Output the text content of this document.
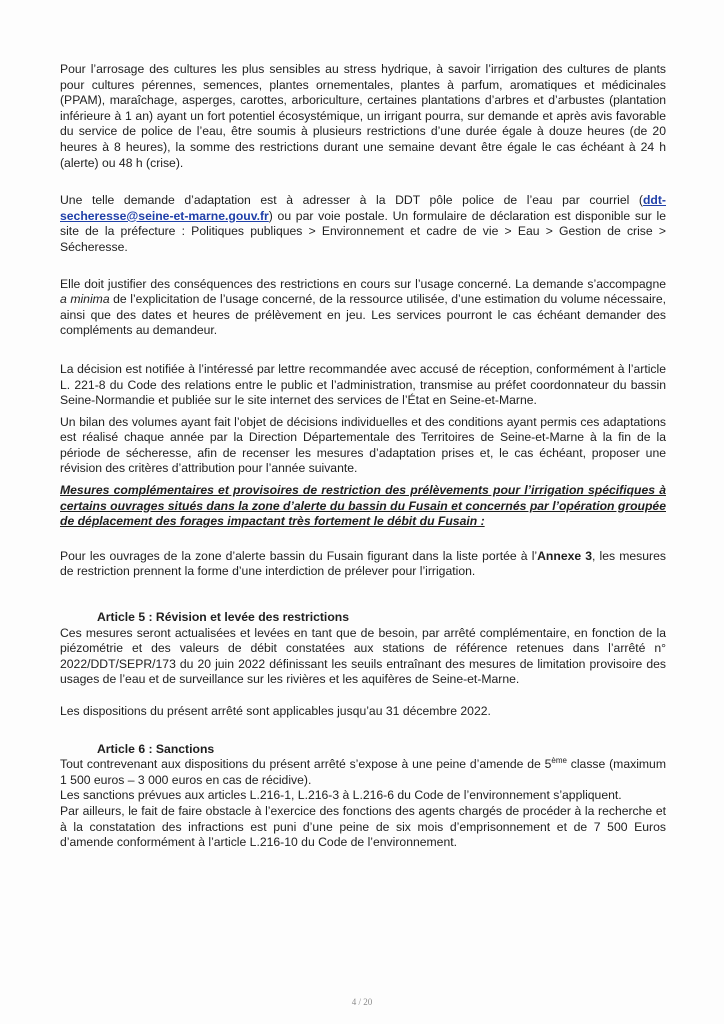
Pour l’arrosage des cultures les plus sensibles au stress hydrique, à savoir l’irrigation des cultures de plants pour cultures pérennes, semences, plantes ornementales, plantes à parfum, aromatiques et médicinales (PPAM), maraîchage, asperges, carottes, arboriculture, certaines plantations d’arbres et d’arbustes (plantation inférieure à 1 an) ayant un fort potentiel écosystémique, un irrigant pourra, sur demande et après avis favorable du service de police de l’eau, être soumis à plusieurs restrictions d’une durée égale à douze heures (de 20 heures à 8 heures), la somme des restrictions durant une semaine devant être égale le cas échéant à 24 h (alerte) ou 48 h (crise).

Une telle demande d’adaptation est à adresser à la DDT pôle police de l’eau par courriel (ddt-secheresse@seine-et-marne.gouv.fr) ou par voie postale. Un formulaire de déclaration est disponible sur le site de la préfecture : Politiques publiques > Environnement et cadre de vie > Eau > Gestion de crise > Sécheresse.

Elle doit justifier des conséquences des restrictions en cours sur l’usage concerné. La demande s’accompagne a minima de l’explicitation de l’usage concerné, de la ressource utilisée, d’une estimation du volume nécessaire, ainsi que des dates et heures de prélèvement en jeu. Les services pourront le cas échéant demander des compléments au demandeur.

La décision est notifiée à l’intéressé par lettre recommandée avec accusé de réception, conformément à l’article L. 221-8 du Code des relations entre le public et l’administration, transmise au préfet coordonnateur du bassin Seine-Normandie et publiée sur le site internet des services de l’État en Seine-et-Marne.

Un bilan des volumes ayant fait l’objet de décisions individuelles et des conditions ayant permis ces adaptations est réalisé chaque année par la Direction Départementale des Territoires de Seine-et-Marne à la fin de la période de sécheresse, afin de recenser les mesures d’adaptation prises et, le cas échéant, proposer une révision des critères d’attribution pour l’année suivante.

Mesures complémentaires et provisoires de restriction des prélèvements pour l’irrigation spécifiques à certains ouvrages situés dans la zone d’alerte du bassin du Fusain et concernés par l’opération groupée de déplacement des forages impactant très fortement le débit du Fusain :

Pour les ouvrages de la zone d’alerte bassin du Fusain figurant dans la liste portée à l’Annexe 3, les mesures de restriction prennent la forme d’une interdiction de prélever pour l’irrigation.

Article 5 : Révision et levée des restrictions

Ces mesures seront actualisées et levées en tant que de besoin, par arrêté complémentaire, en fonction de la piézométrie et des valeurs de débit constatées aux stations de référence retenues dans l’arrêté n° 2022/DDT/SEPR/173 du 20 juin 2022 définissant les seuils entraînant des mesures de limitation provisoire des usages de l’eau et de surveillance sur les rivières et les aquifères de Seine-et-Marne.

Les dispositions du présent arrêté sont applicables jusqu’au 31 décembre 2022.

Article 6 : Sanctions

Tout contrevenant aux dispositions du présent arrêté s’expose à une peine d’amende de 5ème classe (maximum 1 500 euros – 3 000 euros en cas de récidive).

Les sanctions prévues aux articles L.216-1, L.216-3 à L.216-6 du Code de l’environnement s’appliquent.

Par ailleurs, le fait de faire obstacle à l’exercice des fonctions des agents chargés de procéder à la recherche et à la constatation des infractions est puni d’une peine de six mois d’emprisonnement et de 7 500 Euros d’amende conformément à l’article L.216-10 du Code de l’environnement.

4 / 20
